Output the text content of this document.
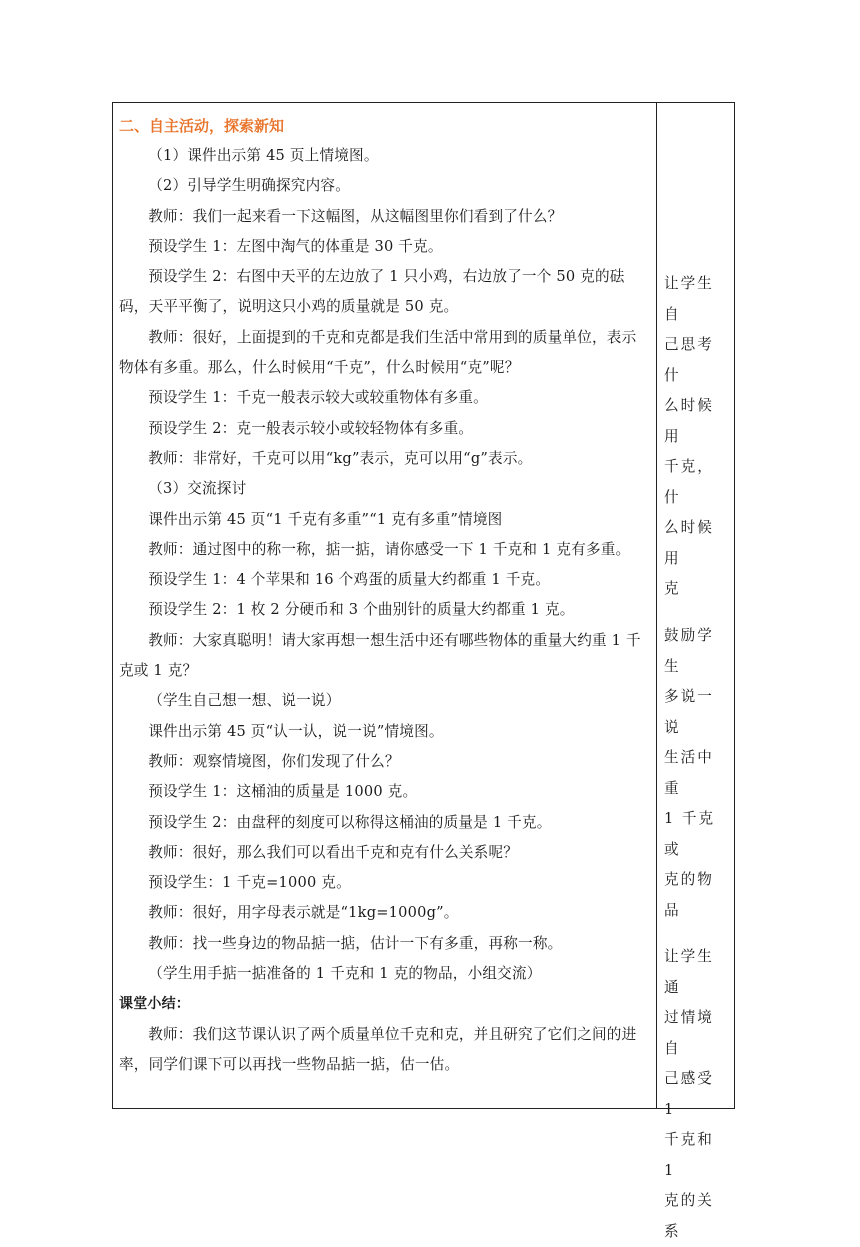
二、自主活动，探索新知

（1）课件出示第 45 页上情境图。

（2）引导学生明确探究内容。

教师：我们一起来看一下这幅图，从这幅图里你们看到了什么？

预设学生 1：左图中淘气的体重是 30 千克。

预设学生 2：右图中天平的左边放了 1 只小鸡，右边放了一个 50 克的砝码，天平平衡了，说明这只小鸡的质量就是 50 克。

教师：很好，上面提到的千克和克都是我们生活中常用到的质量单位，表示物体有多重。那么，什么时候用“千克”，什么时候用“克”呢？

预设学生 1：千克一般表示较大或较重物体有多重。

预设学生 2：克一般表示较小或较轻物体有多重。

教师：非常好，千克可以用“kg”表示，克可以用“g”表示。

（3）交流探讨

课件出示第 45 页“1 千克有多重”“1 克有多重”情境图

教师：通过图中的称一称，掂一掂，请你感受一下 1 千克和 1 克有多重。

预设学生 1：4 个苹果和 16 个鸡蛋的质量大约都重 1 千克。

预设学生 2：1 枚 2 分硬币和 3 个曲别针的质量大约都重 1 克。

教师：大家真聪明！请大家再想一想生活中还有哪些物体的重量大约重 1 千克或 1 克？

（学生自己想一想、说一说）

课件出示第 45 页“认一认，说一说”情境图。

教师：观察情境图，你们发现了什么？

预设学生 1：这桶油的质量是 1000 克。

预设学生 2：由盘秤的刻度可以称得这桶油的质量是 1 千克。

教师：很好，那么我们可以看出千克和克有什么关系呢？

预设学生：1 千克=1000 克。

教师：很好，用字母表示就是“1kg=1000g”。

教师：找一些身边的物品掂一掂，估计一下有多重，再称一称。

（学生用手掂一掂准备的 1 千克和 1 克的物品，小组交流）

课堂小结：

教师：我们这节课认识了两个质量单位千克和克，并且研究了它们之间的进率，同学们课下可以再找一些物品掂一掂，估一估。

让学生自

己思考什

么时候用

千克，什

么时候用

克

鼓励学生

多说一说

生活中重

1 千克或

克的物品

让学生通

过情境自

己感受 1

千克和 1

克的关系
